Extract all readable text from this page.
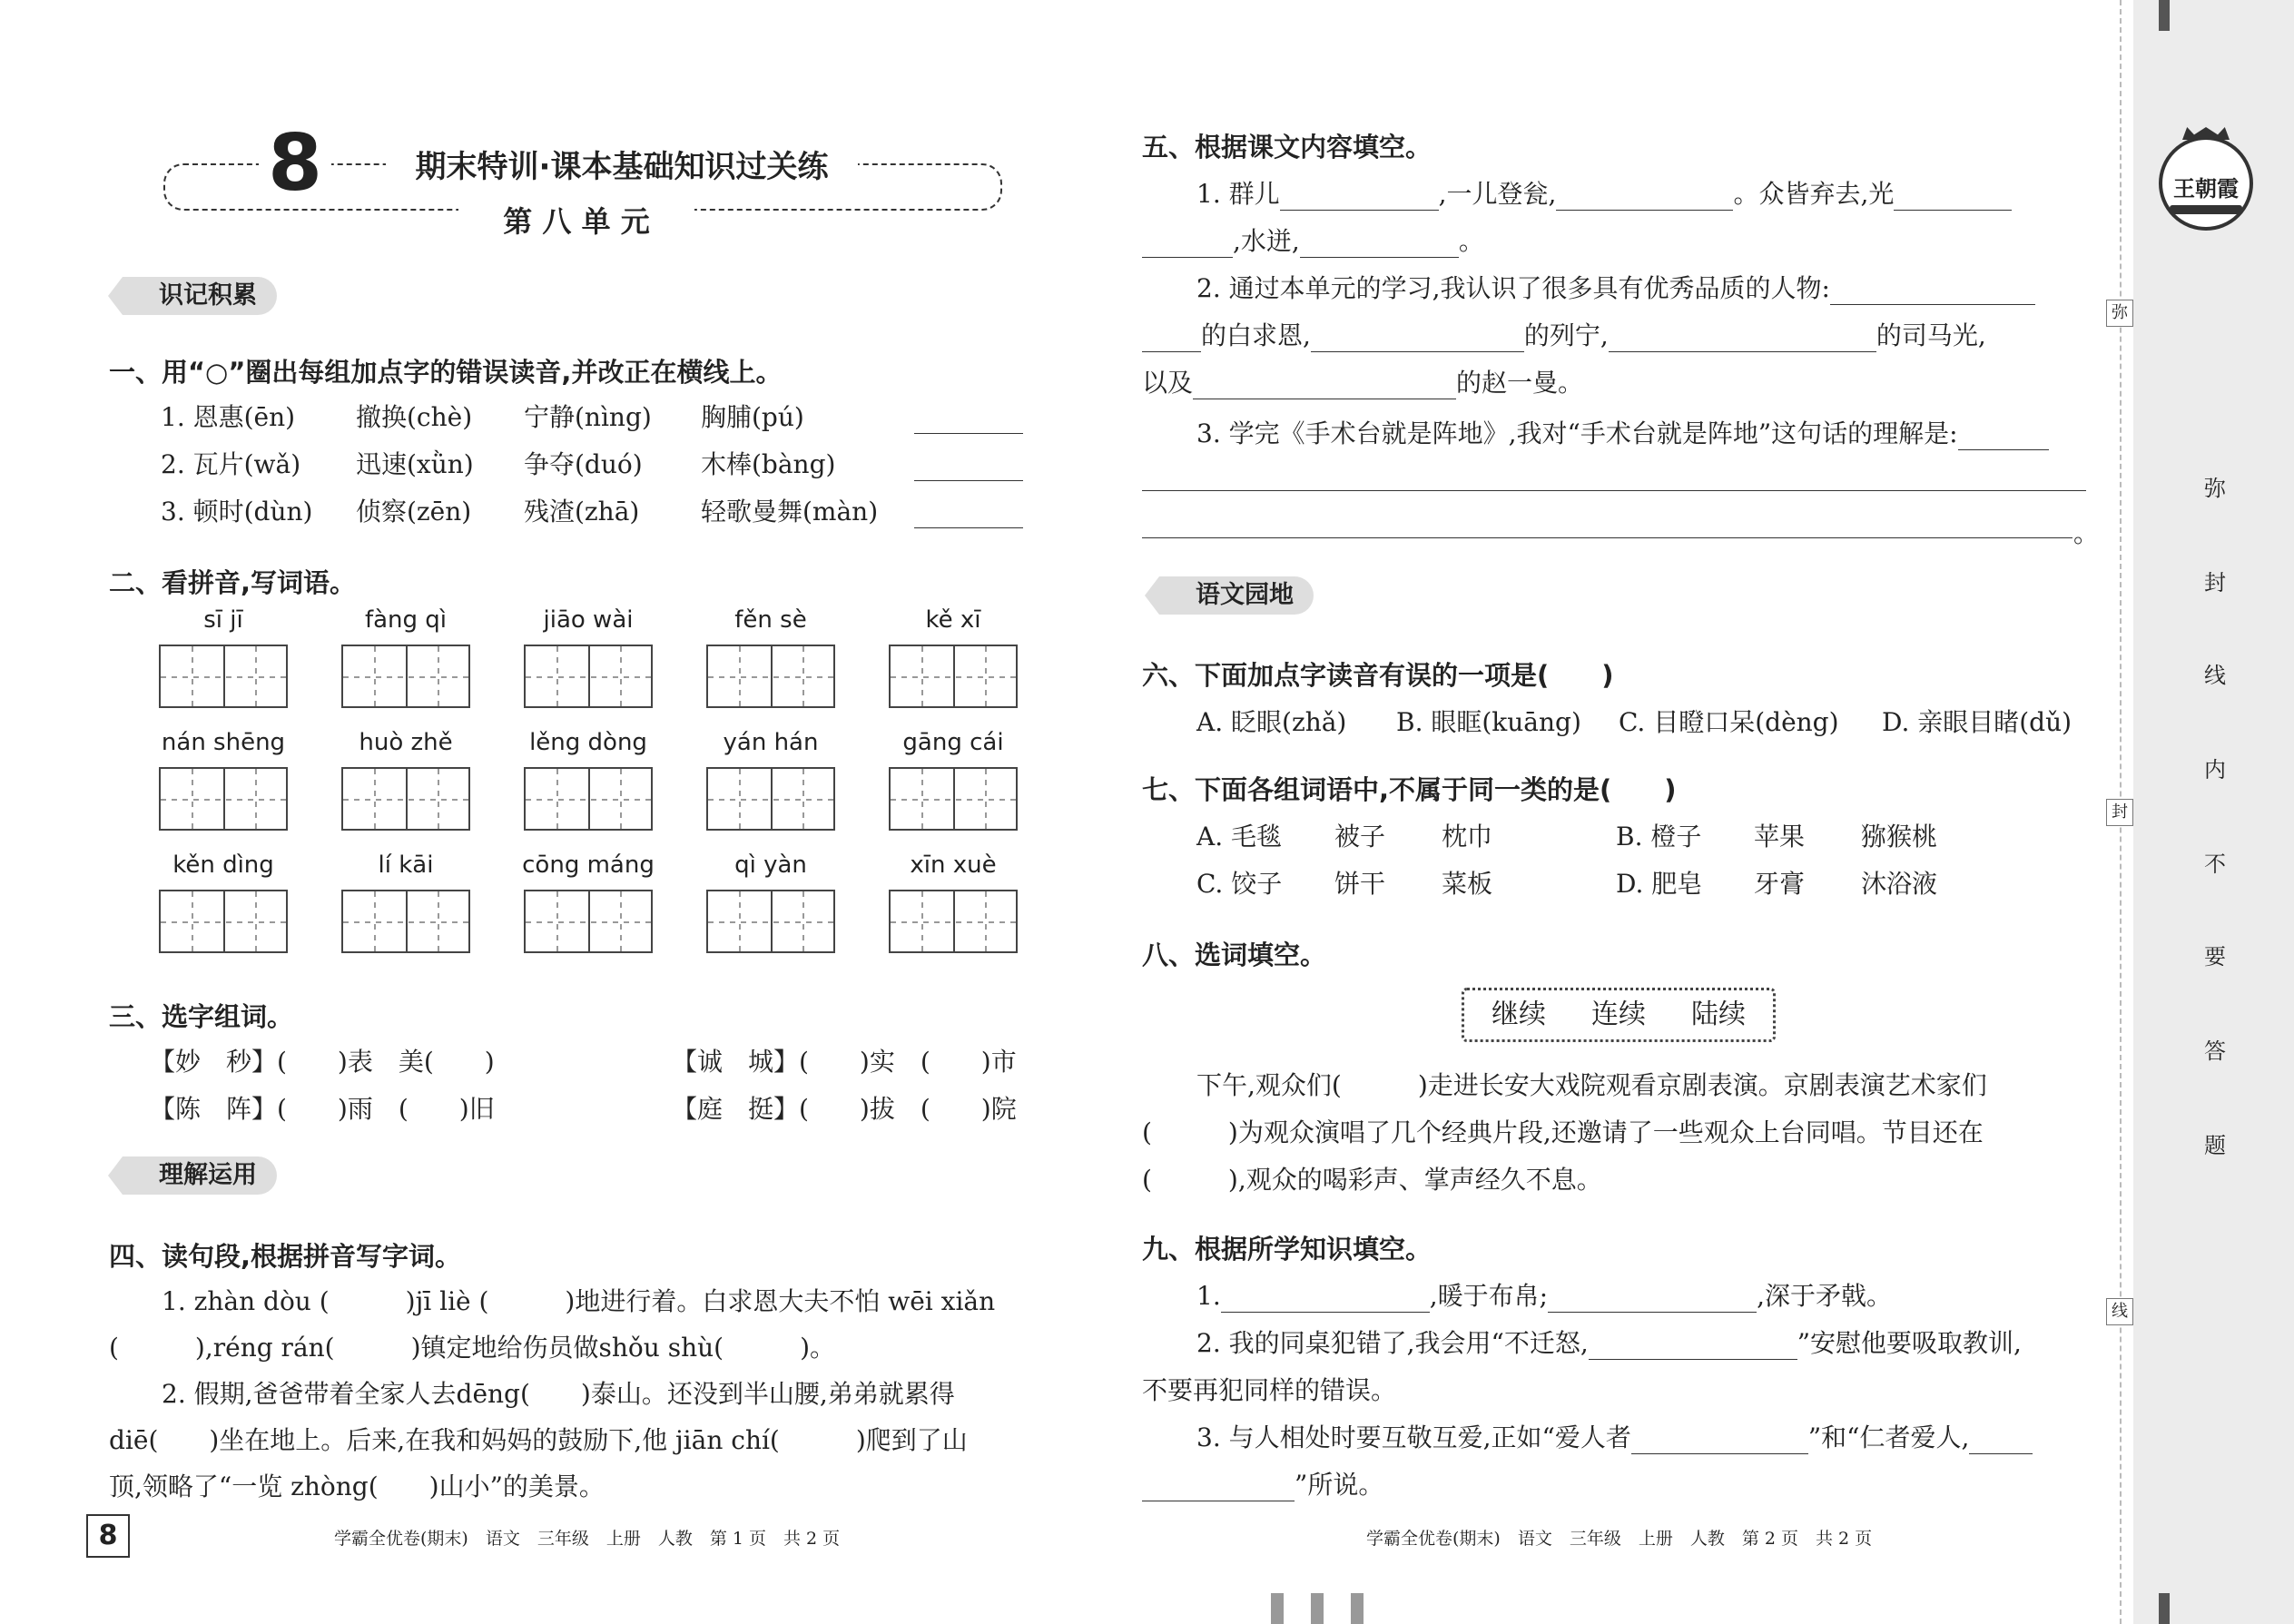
8	期末特训·课本基础知识过关练
第 八 单 元
识记积累
一、用“○”圈出每组加点字的错误读音,并改正在横线上。
1. 恩惠(ēn) 撤换(chè) 宁静(nìng) 胸脯(pú)
2. 瓦片(wǎ) 迅速(xǜn) 争夺(duó) 木棒(bàng)
3. 顿时(dùn) 侦察(zēn) 残渣(zhā) 轻歌曼舞(màn)
二、看拼音,写词语。
sī jī	fàng qì	jiāo wài	fěn sè	kě xī
nán shēng	huò zhě	lěng dòng	yán hán	gāng cái
kěn dìng	lí kāi	cōng máng	qì yàn	xīn xuè
三、选字组词。
【妙　秒】(　　)表　美(　　)	【诚　城】(　　)实　(　　)市
【陈　阵】(　　)雨　(　　)旧	【庭　挺】(　　)拔　(　　)院
理解运用
四、读句段,根据拼音写字词。
1. zhàn dòu (　　　)jī liè (　　　)地进行着。白求恩大夫不怕 wēi xiǎn
(　　　),réng rán(　　　)镇定地给伤员做shǒu shù(　　　)。
2. 假期,爸爸带着全家人去dēng(　　)泰山。还没到半山腰,弟弟就累得
diē(　　)坐在地上。后来,在我和妈妈的鼓励下,他 jiān chí(　　　)爬到了山
顶,领略了“一览 zhòng(　　)山小”的美景。
8	学霸全优卷(期末)　语文　三年级　上册　人教　第 1 页　共 2 页
五、根据课文内容填空。
1. 群儿	,一儿登瓮,	。众皆弃去,光
,水迸,	。
2. 通过本单元的学习,我认识了很多具有优秀品质的人物:
的白求恩,	的列宁,	的司马光,
以及	的赵一曼。
3. 学完《手术台就是阵地》,我对“手术台就是阵地”这句话的理解是:
。
语文园地
六、下面加点字读音有误的一项是(　　)
A. 眨眼(zhǎ) B. 眼眶(kuāng) C. 目瞪口呆(dèng) D. 亲眼目睹(dǔ)
七、下面各组词语中,不属于同一类的是(　　)
A. 毛毯 被子 枕巾	B. 橙子 苹果 猕猴桃
C. 饺子 饼干 菜板	D. 肥皂 牙膏 沐浴液
八、选词填空。
继续 连续 陆续
下午,观众们(　　　)走进长安大戏院观看京剧表演。京剧表演艺术家们
(　　　)为观众演唱了几个经典片段,还邀请了一些观众上台同唱。节目还在
(　　　),观众的喝彩声、掌声经久不息。
九、根据所学知识填空。
1.	,暖于布帛;	,深于矛戟。
2. 我的同桌犯错了,我会用“不迁怒,	”安慰他要吸取教训,
不要再犯同样的错误。
3. 与人相处时要互敬互爱,正如“爱人者	”和“仁者爱人,
”所说。
学霸全优卷(期末)　语文　三年级　上册　人教　第 2 页　共 2 页
王朝霞
弥
封
线
弥
封
线
内
不
要
答
题
